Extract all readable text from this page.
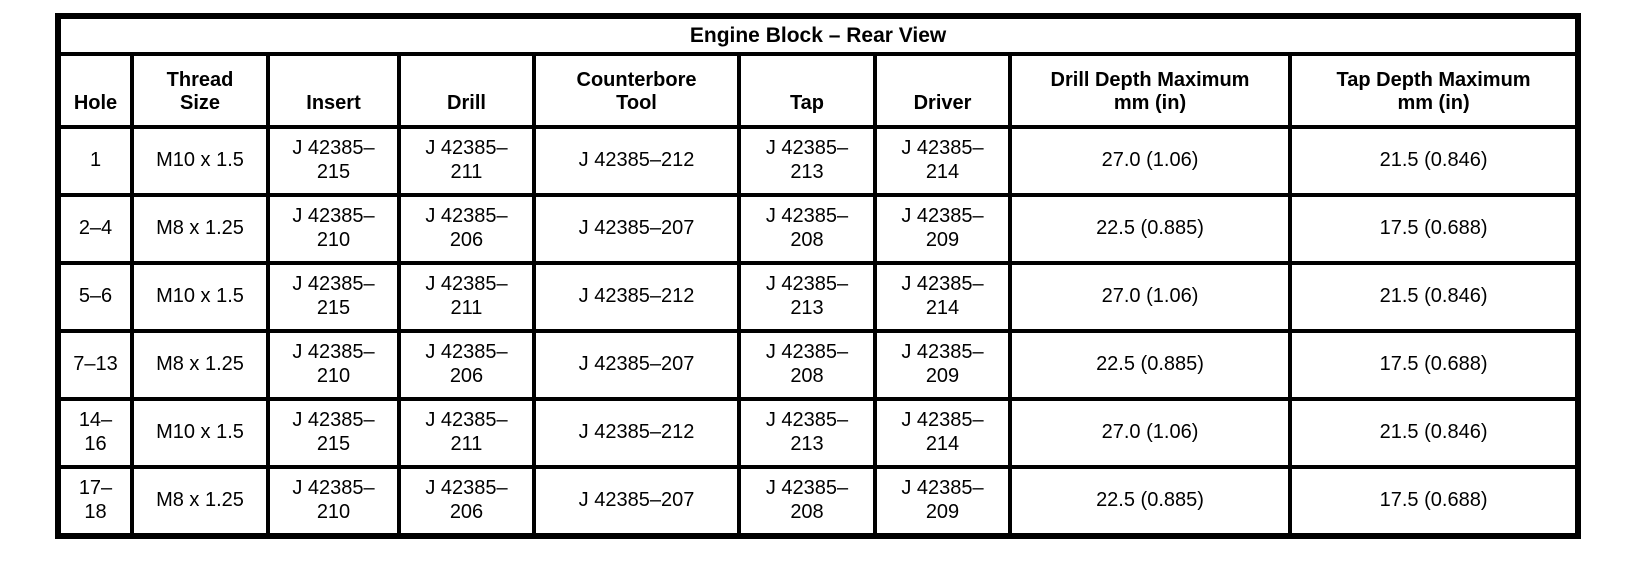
Engine Block – Rear View								
Hole	Thread Size	Insert	Drill	Counterbore Tool	Tap	Driver	Drill Depth Maximum mm (in)	Tap Depth Maximum mm (in)
1	M10 x 1.5	J 42385–215	J 42385–211	J 42385–212	J 42385–213	J 42385–214	27.0 (1.06)	21.5 (0.846)
2–4	M8 x 1.25	J 42385–210	J 42385–206	J 42385–207	J 42385–208	J 42385–209	22.5 (0.885)	17.5 (0.688)
5–6	M10 x 1.5	J 42385–215	J 42385–211	J 42385–212	J 42385–213	J 42385–214	27.0 (1.06)	21.5 (0.846)
7–13	M8 x 1.25	J 42385–210	J 42385–206	J 42385–207	J 42385–208	J 42385–209	22.5 (0.885)	17.5 (0.688)
14–16	M10 x 1.5	J 42385–215	J 42385–211	J 42385–212	J 42385–213	J 42385–214	27.0 (1.06)	21.5 (0.846)
17–18	M8 x 1.25	J 42385–210	J 42385–206	J 42385–207	J 42385–208	J 42385–209	22.5 (0.885)	17.5 (0.688)
